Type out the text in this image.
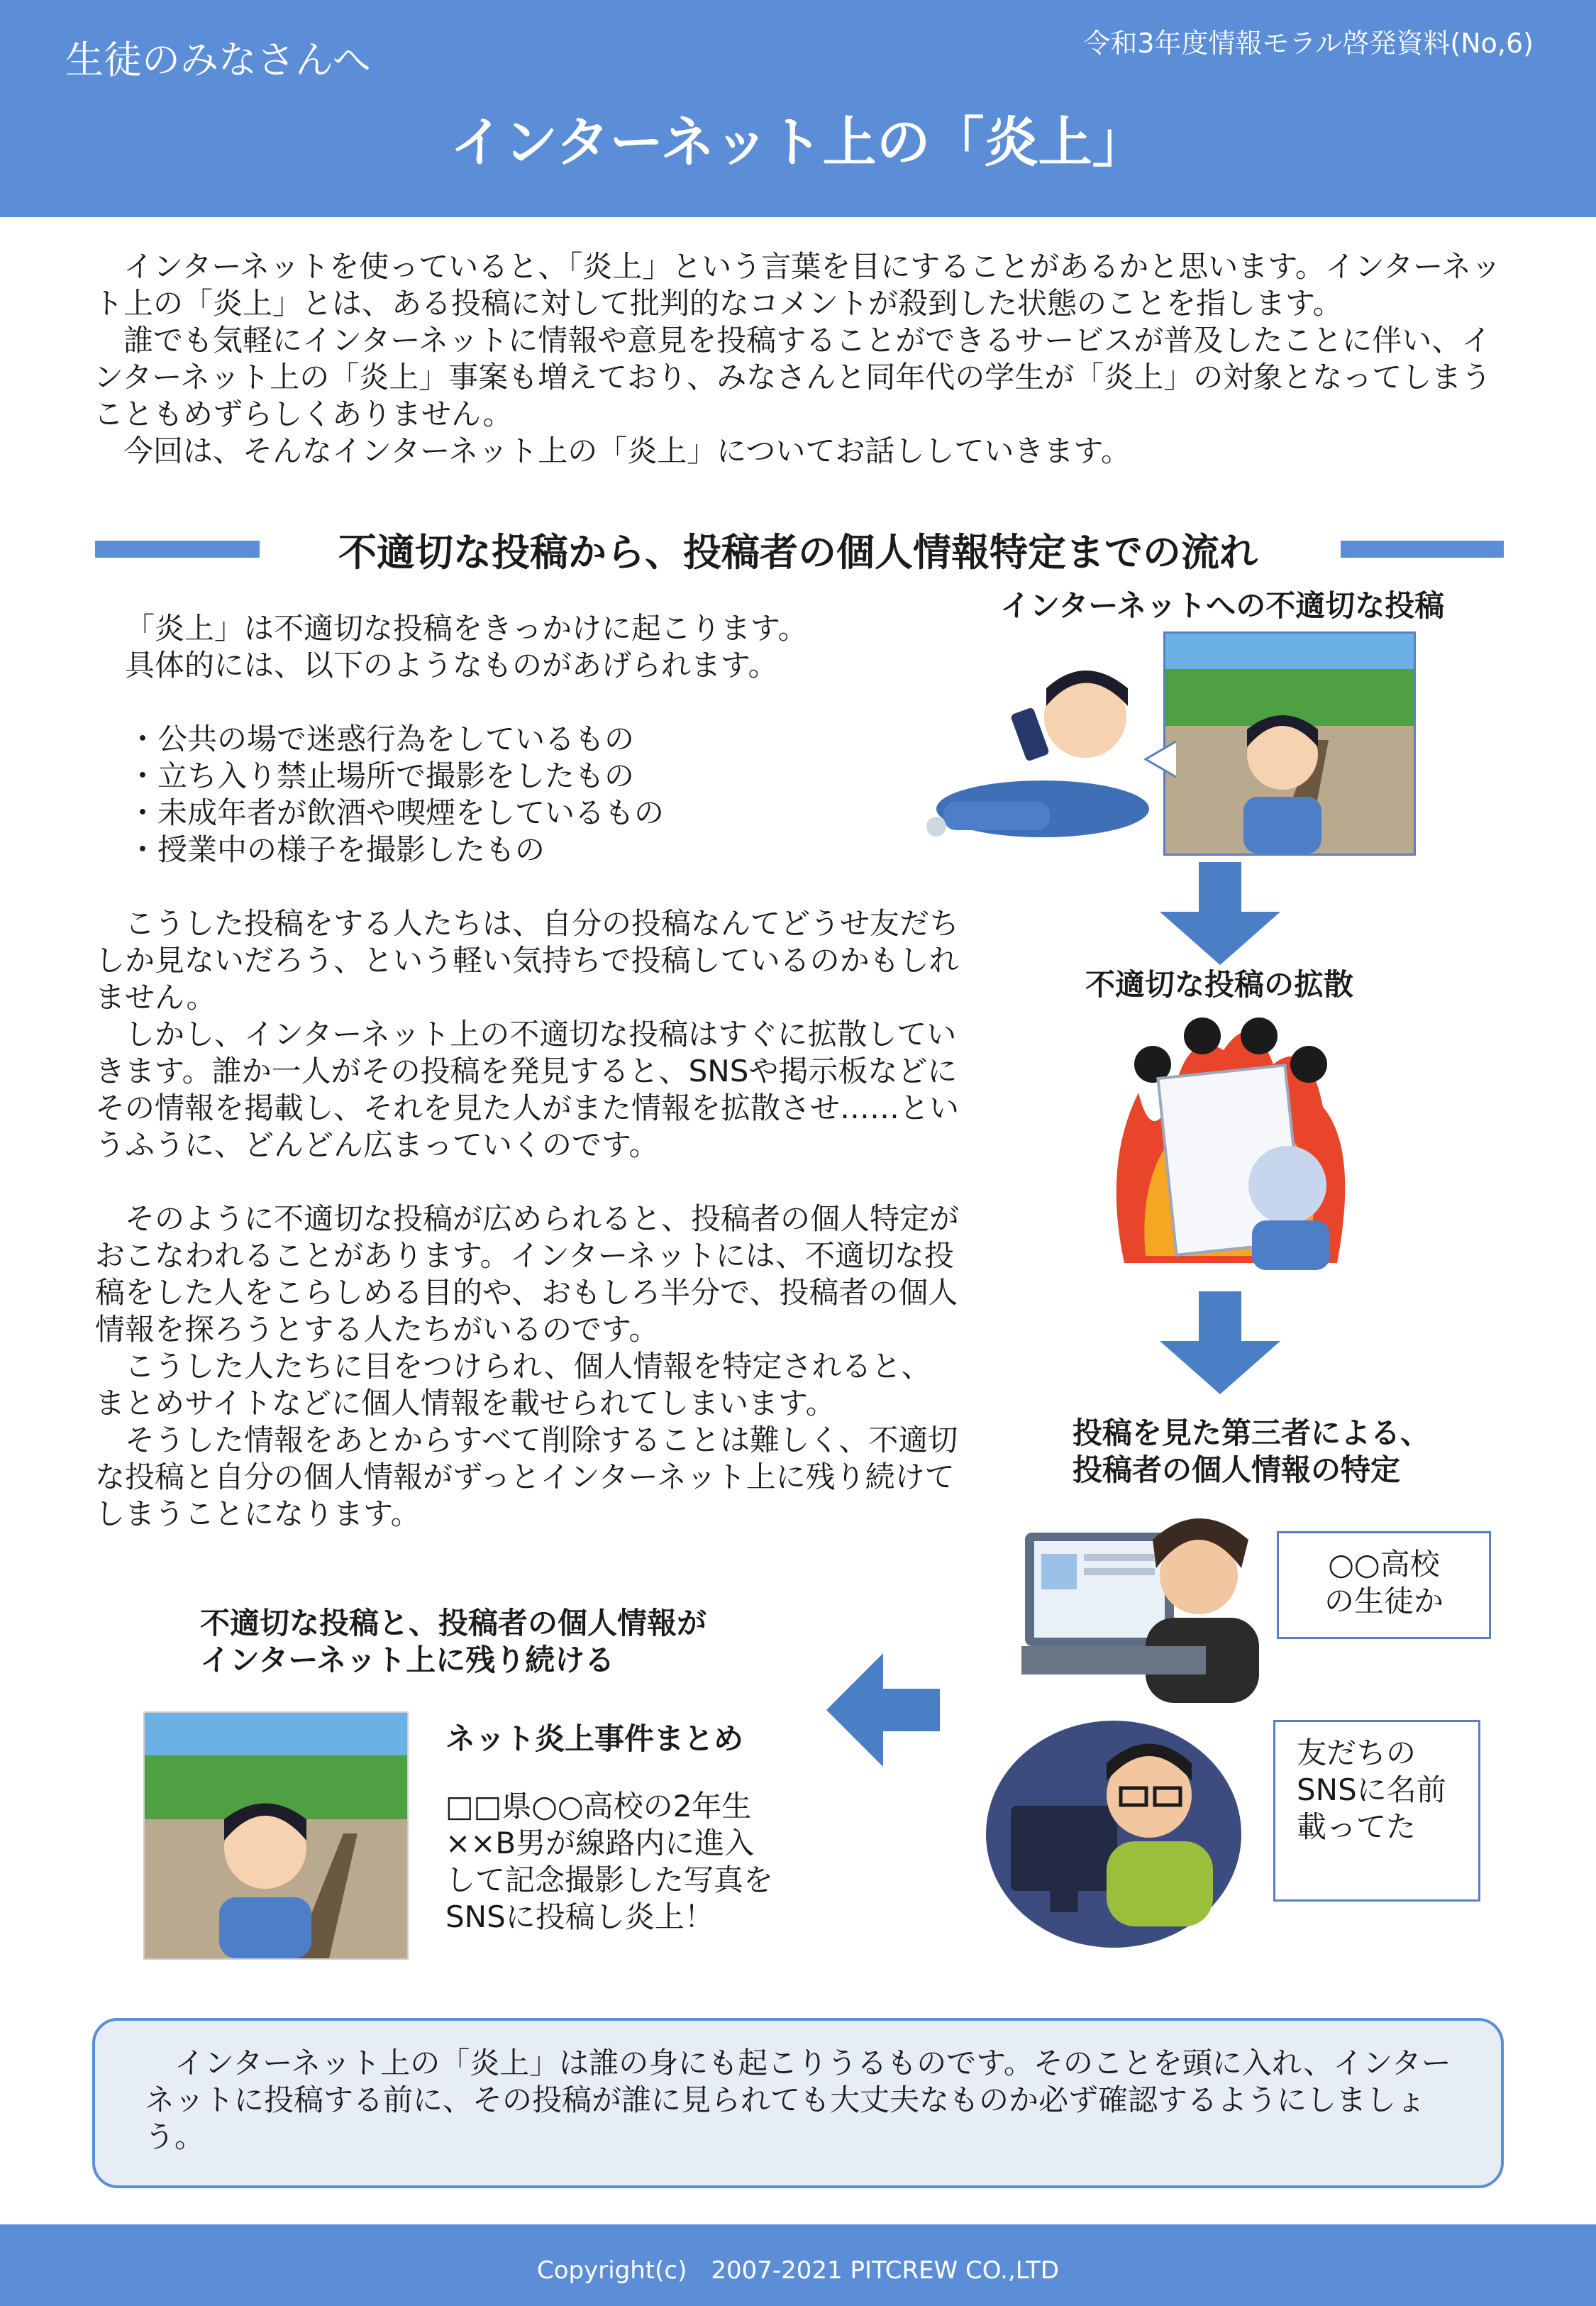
生徒のみなさんへ	令和3年度情報モラル啓発資料(No,6)
インターネット上の「炎上」

インターネットを使っていると、「炎上」という言葉を目にすることがあるかと思います。インターネット上の「炎上」とは、ある投稿に対して批判的なコメントが殺到した状態のことを指します。

誰でも気軽にインターネットに情報や意見を投稿することができるサービスが普及したことに伴い、インターネット上の「炎上」事案も増えており、みなさんと同年代の学生が「炎上」の対象となってしまうこともめずらしくありません。

今回は、そんなインターネット上の「炎上」についてお話ししていきます。

不適切な投稿から、投稿者の個人情報特定までの流れ

「炎上」は不適切な投稿をきっかけに起こります。

具体的には、以下のようなものがあげられます。

・公共の場で迷惑行為をしているもの

・立ち入り禁止場所で撮影をしたもの

・未成年者が飲酒や喫煙をしているもの

・授業中の様子を撮影したもの

こうした投稿をする人たちは、自分の投稿なんてどうせ友だちしか見ないだろう、という軽い気持ちで投稿しているのかもしれません。

しかし、インターネット上の不適切な投稿はすぐに拡散していきます。誰か一人がその投稿を発見すると、SNSや掲示板などにその情報を掲載し、それを見た人がまた情報を拡散させ……というふうに、どんどん広まっていくのです。

そのように不適切な投稿が広められると、投稿者の個人特定がおこなわれることがあります。インターネットには、不適切な投稿をした人をこらしめる目的や、おもしろ半分で、投稿者の個人情報を探ろうとする人たちがいるのです。

こうした人たちに目をつけられ、個人情報を特定されると、まとめサイトなどに個人情報を載せられてしまいます。

そうした情報をあとからすべて削除することは難しく、不適切な投稿と自分の個人情報がずっとインターネット上に残り続けてしまうことになります。

インターネットへの不適切な投稿
不適切な投稿の拡散
投稿を見た第三者による、
投稿者の個人情報の特定
○○高校
の生徒か
友だちの
SNSに名前
載ってた
不適切な投稿と、投稿者の個人情報が
インターネット上に残り続ける
ネット炎上事件まとめ
□□県○○高校の2年生
××B男が線路内に進入
して記念撮影した写真を
SNSに投稿し炎上！

インターネット上の「炎上」は誰の身にも起こりうるものです。そのことを頭に入れ、インターネットに投稿する前に、その投稿が誰に見られても大丈夫なものか必ず確認するようにしましょう。

Copyright(c)　2007-2021 PITCREW CO.,LTD
